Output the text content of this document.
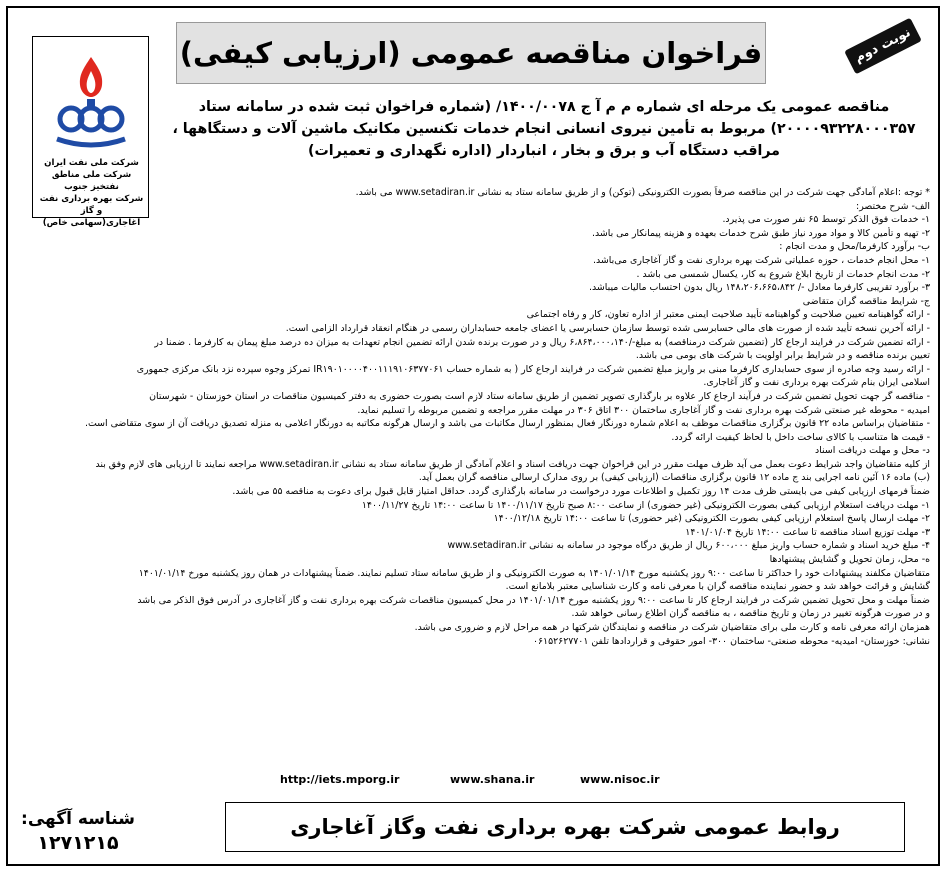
شرکت ملی نفت ایران
شرکت ملی مناطق نفتخیز جنوب
شرکت بهره برداری نفت و گاز
آغاجاری(سهامی خاص)
نوبت دوم
فراخوان مناقصه عمومی (ارزیابی کیفی)
مناقصه عمومی یک مرحله ای شماره م م آ ج ۱۴۰۰/۰۰۷۸/ (شماره فراخوان ثبت شده در سامانه ستاد ۲۰۰۰۰۹۳۲۲۸۰۰۰۳۵۷) مربوط به تأمین نیروی انسانی انجام خدمات تکنسین مکانیک ماشین آلات و دستگاهها ، مراقب دستگاه آب و برق و بخار ، انباردار (اداره نگهداری و تعمیرات)

* توجه :اعلام آمادگی جهت شرکت در این مناقصه صرفاً بصورت الکترونیکی (توکن) و از طریق سامانه ستاد به نشانی www.setadiran.ir می باشد.
الف- شرح مختصر:
۱- خدمات فوق الذکر توسط ۶۵ نفر صورت می پذیرد.
۲- تهیه و تأمین کالا و مواد مورد نیاز طبق شرح خدمات بعهده و هزینه پیمانکار می باشد.
ب- برآورد کارفرما/محل و مدت انجام :
۱- محل انجام خدمات ، حوزه عملیاتی شرکت بهره برداری نفت و گاز آغاجاری می‌باشد.
۲- مدت انجام خدمات از تاریخ ابلاغ شروع به کار، یکسال شمسی می باشد .
۳- برآورد تقریبی کارفرما معادل -/ ۱۴۸،۲۰۶،۶۶۵،۸۴۲ ریال بدون احتساب مالیات میباشد.
ج- شرایط مناقصه گران متقاضی
- ارائه گواهینامه تعیین صلاحیت و گواهینامه تأیید صلاحیت ایمنی معتبر از اداره تعاون، کار و رفاه اجتماعی
- ارائه آخرین نسخه تأیید شده از صورت های مالی حسابرسی شده توسط سازمان حسابرسی یا اعضای جامعه حسابداران رسمی در هنگام انعقاد قرارداد الزامی است.
- ارائه تضمین شرکت در فرایند ارجاع کار (تضمین شرکت درمناقصه) به مبلغ-/۶،۸۶۴،۰۰۰،۱۴۰ ریال و در صورت برنده شدن ارائه تضمین انجام تعهدات به میزان ده درصد مبلغ پیمان به کارفرما . ضمنا در
تعیین برنده مناقصه و در شرایط برابر اولویت با شرکت های بومی می باشد.
- ارائه رسید وجه صادره از سوی حسابداری کارفرما مبنی بر واریز مبلغ تضمین شرکت در فرایند ارجاع کار ( به شماره حساب IR۱۹۰۱۰۰۰۰۴۰۰۱۱۱۹۱۰۶۳۷۷۰۶۱ تمرکز وجوه سپرده نزد بانک مرکزی جمهوری
اسلامی ایران بنام شرکت بهره برداری نفت و گاز آغاجاری.
- مناقصه گر جهت تحویل تضمین شرکت در فرآیند ارجاع کار علاوه بر بارگذاری تصویر تضمین از طریق سامانه ستاد لازم است بصورت حضوری به دفتر کمیسیون مناقصات در استان خوزستان - شهرستان
امیدیه - محوطه غیر صنعتی شرکت بهره برداری نفت و گاز آغاجاری ساختمان ۳۰۰ اتاق ۳۰۶ در مهلت مقرر مراجعه و تضمین مربوطه را تسلیم نماید.
- متقاضیان براساس ماده ۲۲ قانون برگزاری مناقصات موظف به اعلام شماره دورنگار فعال بمنظور ارسال مکاتبات می باشد و ارسال هرگونه مکاتبه به دورنگار اعلامی به منزله تصدیق دریافت آن از سوی متقاضی است.
- قیمت ها متناسب با کالای ساخت داخل با لحاظ کیفیت ارائه گردد.
د- محل و مهلت دریافت اسناد
از کلیه متقاضیان واجد شرایط دعوت بعمل می آید ظرف مهلت مقرر در این فراخوان جهت دریافت اسناد و اعلام آمادگی از طریق سامانه ستاد به نشانی www.setadiran.ir مراجعه نمایند تا ارزیابی های لازم وفق بند
(ب) ماده ۱۶ آئین نامه اجرایی بند ج ماده ۱۲ قانون برگزاری مناقصات (ارزیابی کیفی) بر روی مدارک ارسالی مناقصه گران بعمل آید.
ضمناً فرمهای ارزیابی کیفی می بایستی ظرف مدت ۱۴ روز تکمیل و اطلاعات مورد درخواست در سامانه بارگذاری گردد. حداقل امتیاز قابل قبول برای دعوت به مناقصه ۵۵ می باشد.
۱- مهلت دریافت استعلام ارزیابی کیفی بصورت الکترونیکی (غیر حضوری) از ساعت ۸:۰۰ صبح تاریخ ۱۴۰۰/۱۱/۱۷ تا ساعت ۱۴:۰۰ تاریخ ۱۴۰۰/۱۱/۲۷
۲- مهلت ارسال پاسخ استعلام ارزیابی کیفی بصورت الکترونیکی (غیر حضوری) تا ساعت ۱۴:۰۰ تاریخ ۱۴۰۰/۱۲/۱۸
۳- مهلت توزیع اسناد مناقصه تا ساعت ۱۴:۰۰ تاریخ ۱۴۰۱/۰۱/۰۴
۴- مبلغ خرید اسناد و شماره حساب واریز مبلغ ۶۰۰،۰۰۰ ریال از طریق درگاه موجود در سامانه به نشانی www.setadiran.ir
ه- محل، زمان تحویل و گشایش پیشنهادها
متقاضیان مکلفند پیشنهادات خود را حداکثر تا ساعت ۹:۰۰ روز یکشنبه مورخ ۱۴۰۱/۰۱/۱۴ به صورت الکترونیکی و از طریق سامانه ستاد تسلیم نمایند. ضمناً پیشنهادات در همان روز یکشنبه مورخ ۱۴۰۱/۰۱/۱۴
گشایش و قرائت خواهد شد و حضور نماینده مناقصه گران با معرفی نامه و کارت شناسایی معتبر بلامانع است.
ضمناً مهلت و محل تحویل تضمین شرکت در فرایند ارجاع کار تا ساعت ۹:۰۰ روز یکشنبه مورخ ۱۴۰۱/۰۱/۱۴ در محل کمیسیون مناقصات شرکت بهره برداری نفت و گاز آغاجاری در آدرس فوق الذکر می باشد
و در صورت هرگونه تغییر در زمان و تاریخ مناقصه ، به مناقصه گران اطلاع رسانی خواهد شد.
همزمان ارائه معرفی نامه و کارت ملی برای متقاضیان شرکت در مناقصه و نمایندگان شرکتها در همه مراحل لازم و ضروری می باشد.
نشانی: خوزستان- امیدیه- محوطه صنعتی- ساختمان ۳۰۰- امور حقوقی و قراردادها تلفن ۰۶۱۵۲۶۲۷۷۰۱
http://iets.mporg.ir	www.shana.ir	www.nisoc.ir
شناسه آگهی:
۱۲۷۱۲۱۵
روابط عمومی شرکت بهره برداری نفت وگاز آغاجاری
